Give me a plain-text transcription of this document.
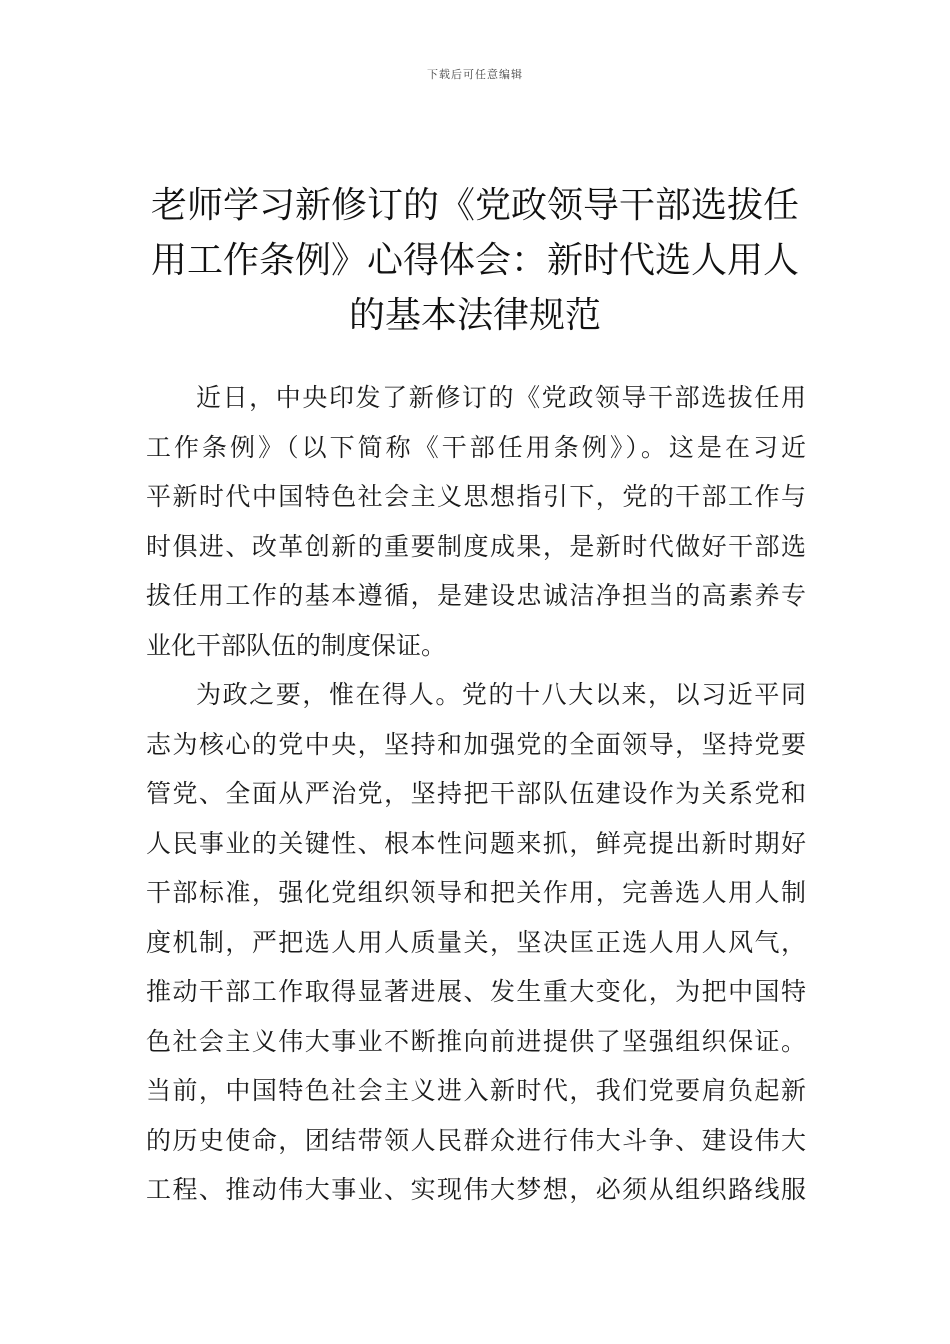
下载后可任意编辑
老师学习新修订的《党政领导干部选拔任
用工作条例》心得体会：新时代选人用人
的基本法律规范
近日，中央印发了新修订的《党政领导干部选拔任用
工作条例》（以下简称《干部任用条例》）。这是在习近
平新时代中国特色社会主义思想指引下，党的干部工作与
时俱进、改革创新的重要制度成果，是新时代做好干部选
拔任用工作的基本遵循，是建设忠诚洁净担当的高素养专
业化干部队伍的制度保证。
为政之要，惟在得人。党的十八大以来，以习近平同
志为核心的党中央，坚持和加强党的全面领导，坚持党要
管党、全面从严治党，坚持把干部队伍建设作为关系党和
人民事业的关键性、根本性问题来抓，鲜亮提出新时期好
干部标准，强化党组织领导和把关作用，完善选人用人制
度机制，严把选人用人质量关，坚决匡正选人用人风气，
推动干部工作取得显著进展、发生重大变化，为把中国特
色社会主义伟大事业不断推向前进提供了坚强组织保证。
当前，中国特色社会主义进入新时代，我们党要肩负起新
的历史使命，团结带领人民群众进行伟大斗争、建设伟大
工程、推动伟大事业、实现伟大梦想，必须从组织路线服
